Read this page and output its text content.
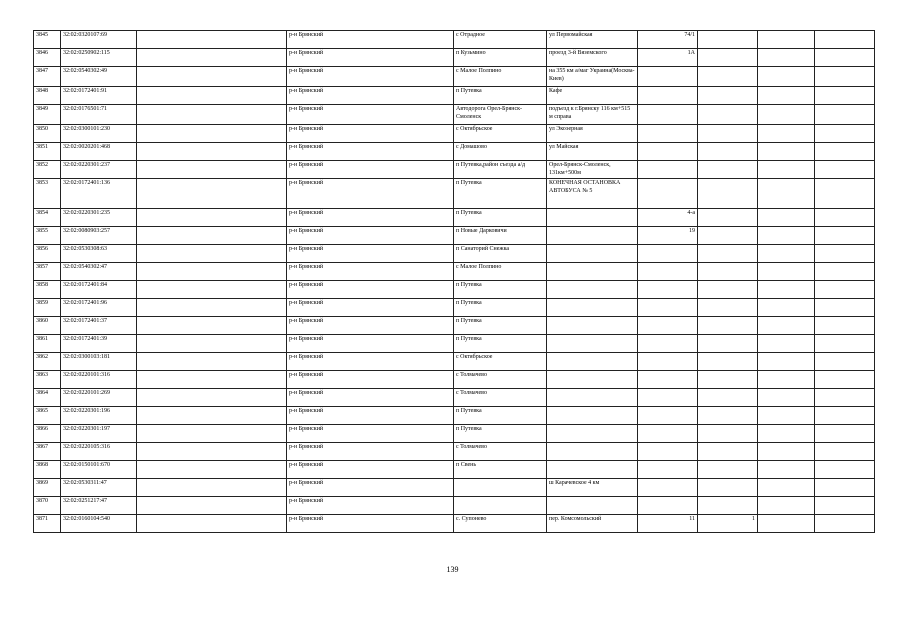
3845	32:02:0320107:69		р-н Брянский	с Отрадное	ул Первомайская	74/1			
3846	32:02:0250902:115		р-н Брянский	п Кузьмино	проезд 3-й Вяземского	1А			
3847	32:02:0540302:49		р-н Брянский	с Малое Полпино	на 355 км а/маг Украина(Москва-Киев)				
3848	32:02:0172401:91		р-н Брянский	п Путевка	Кафе				
3849	32:02:0176501:71		р-н Брянский	Автодорога Орел-Брянск-Смоленск	подъезд к г.Брянску 116 км+515 м справа				
3850	32:02:0300101:230		р-н Брянский	с Октябрьское	ул Экоэерная				
3851	32:02:0020201:468		р-н Брянский	с Домашово	ул Майская				
3852	32:02:0220301:237		р-н Брянский	п Путевка,район съезда а/д	Орел-Брянск-Смоленск, 131км+500м				
3853	32:02:0172401:136		р-н Брянский	п Путевка	КОНЕЧНАЯ ОСТАНОВКА АВТОБУСА № 5				
3854	32:02:0220301:235		р-н Брянский	п Путевка		4-а			
3855	32:02:0080903:257		р-н Брянский	п Новые Дарковичи		19			
3856	32:02:0530308:63		р-н Брянский	п Санаторий Снежка					
3857	32:02:0540302:47		р-н Брянский	с Малое Полпино					
3858	32:02:0172401:84		р-н Брянский	п Путевка					
3859	32:02:0172401:96		р-н Брянский	п Путевка					
3860	32:02:0172401:37		р-н Брянский	п Путевка					
3861	32:02:0172401:39		р-н Брянский	п Путевка					
3862	32:02:0300103:181		р-н Брянский	с Октябрьское					
3863	32:02:0220101:316		р-н Брянский	с Толмачево					
3864	32:02:0220101:269		р-н Брянский	с Толмачево					
3865	32:02:0220301:196		р-н Брянский	п Путевка					
3866	32:02:0220301:197		р-н Брянский	п Путевка					
3867	32:02:0220105:316		р-н Брянский	с Толмачево					
3868	32:02:0150101:670		р-н Брянский	п Свень					
3869	32:02:0530311:47		р-н Брянский		ш Карачевское 4 км				
3870	32:02:0251217:47		р-н Брянский						
3871	32:02:0160104:540		р-н Брянский	с. Супонево	пер. Комсомольский	11	1		
139
